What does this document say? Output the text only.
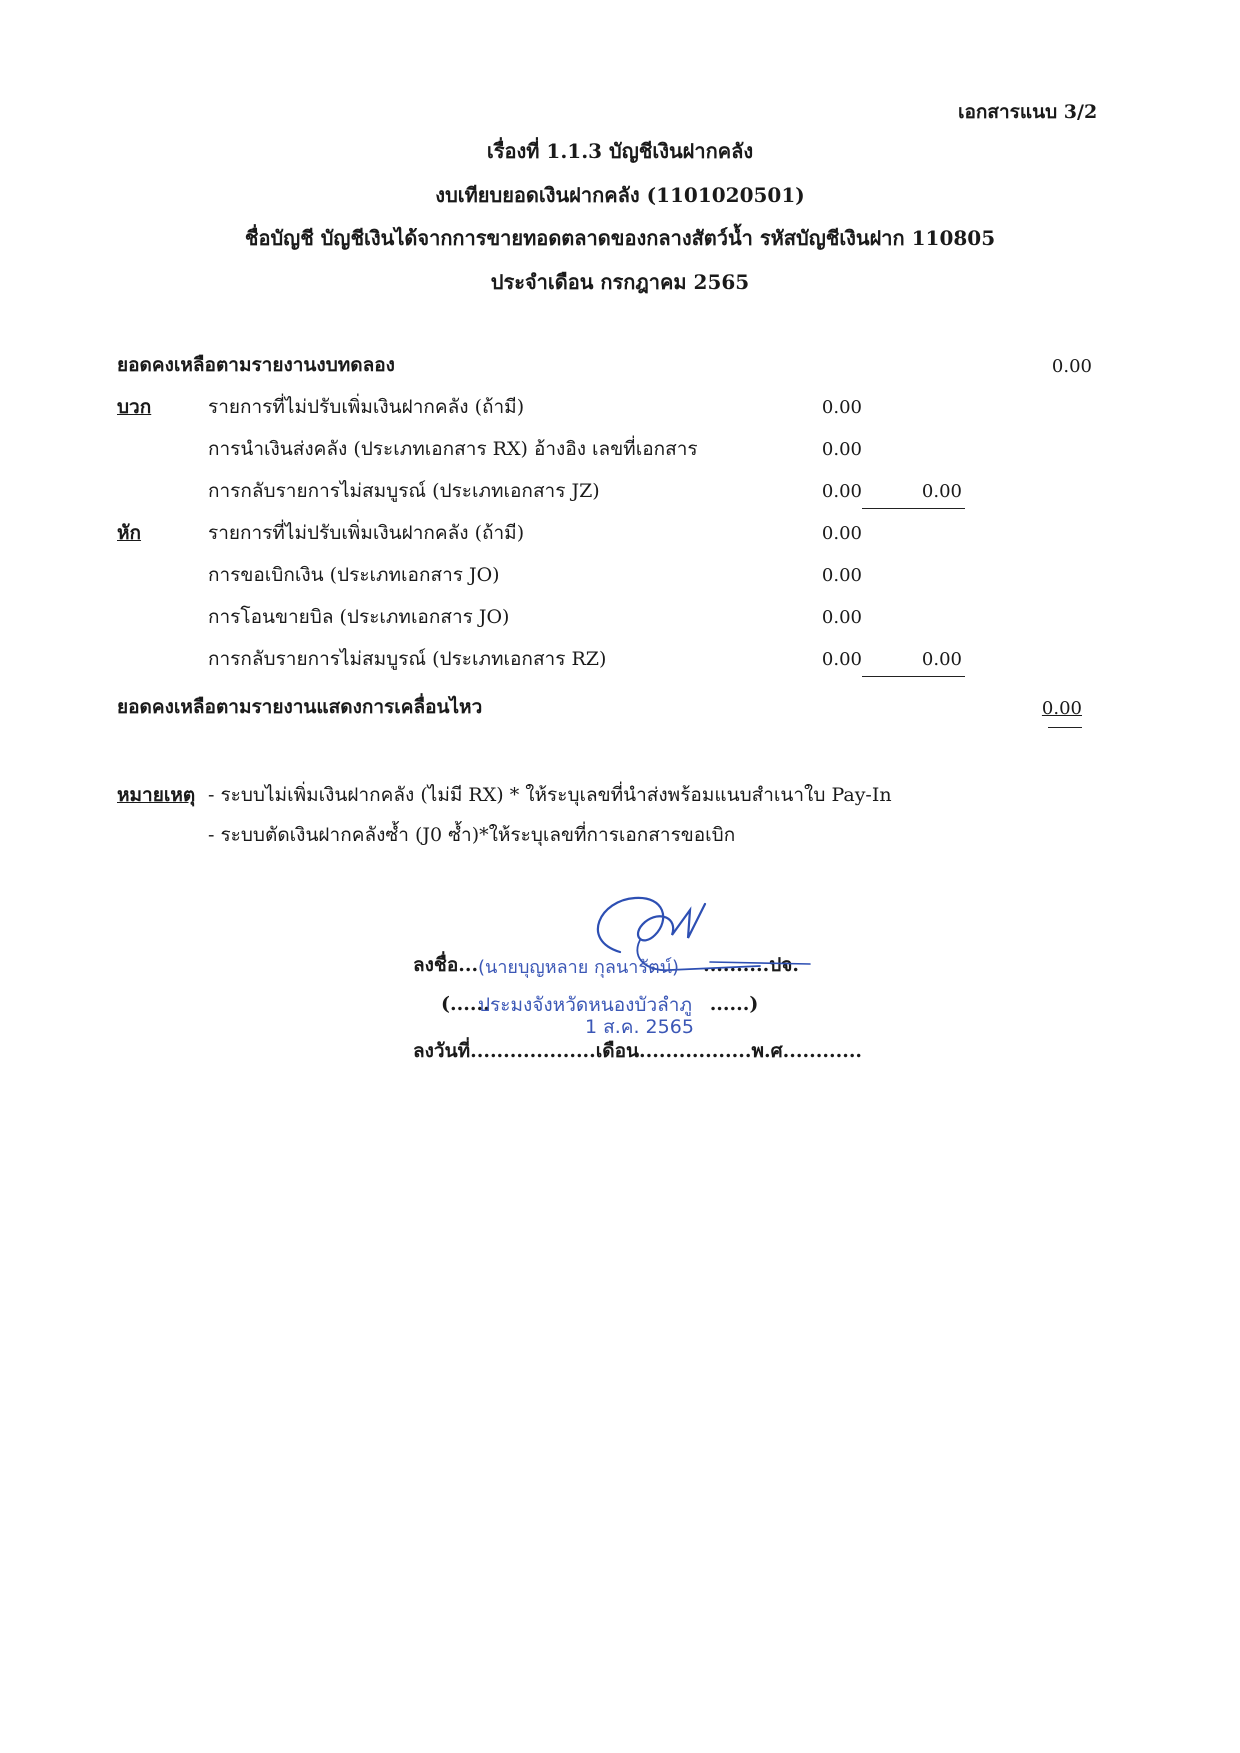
เอกสารแนบ 3/2
เรื่องที่ 1.1.3 บัญชีเงินฝากคลัง
งบเทียบยอดเงินฝากคลัง (1101020501)
ชื่อบัญชี บัญชีเงินได้จากการขายทอดตลาดของกลางสัตว์น้ำ รหัสบัญชีเงินฝาก 110805
ประจำเดือน กรกฎาคม 2565
ยอดคงเหลือตามรายงานงบทดลอง	0.00
บวก	รายการที่ไม่ปรับเพิ่มเงินฝากคลัง (ถ้ามี)	0.00
การนำเงินส่งคลัง (ประเภทเอกสาร RX) อ้างอิง เลขที่เอกสาร	0.00
การกลับรายการไม่สมบูรณ์ (ประเภทเอกสาร JZ)	0.00	0.00
หัก	รายการที่ไม่ปรับเพิ่มเงินฝากคลัง (ถ้ามี)	0.00
การขอเบิกเงิน (ประเภทเอกสาร JO)	0.00
การโอนขายบิล (ประเภทเอกสาร JO)	0.00
การกลับรายการไม่สมบูรณ์ (ประเภทเอกสาร RZ)	0.00	0.00
ยอดคงเหลือตามรายงานแสดงการเคลื่อนไหว	0.00
หมายเหตุ - ระบบไม่เพิ่มเงินฝากคลัง (ไม่มี RX) * ให้ระบุเลขที่นำส่งพร้อมแนบสำเนาใบ Pay-In
- ระบบตัดเงินฝากคลังซ้ำ (J0 ซ้ำ)*ให้ระบุเลขที่การเอกสารขอเบิก
ลงชื่อ...	..........ปจ.
(......	......)
ลงวันที่...................เดือน.................พ.ศ............
(นายบุญหลาย กุลนารัตน์)
ประมงจังหวัดหนองบัวลำภู
1 ส.ค. 2565
